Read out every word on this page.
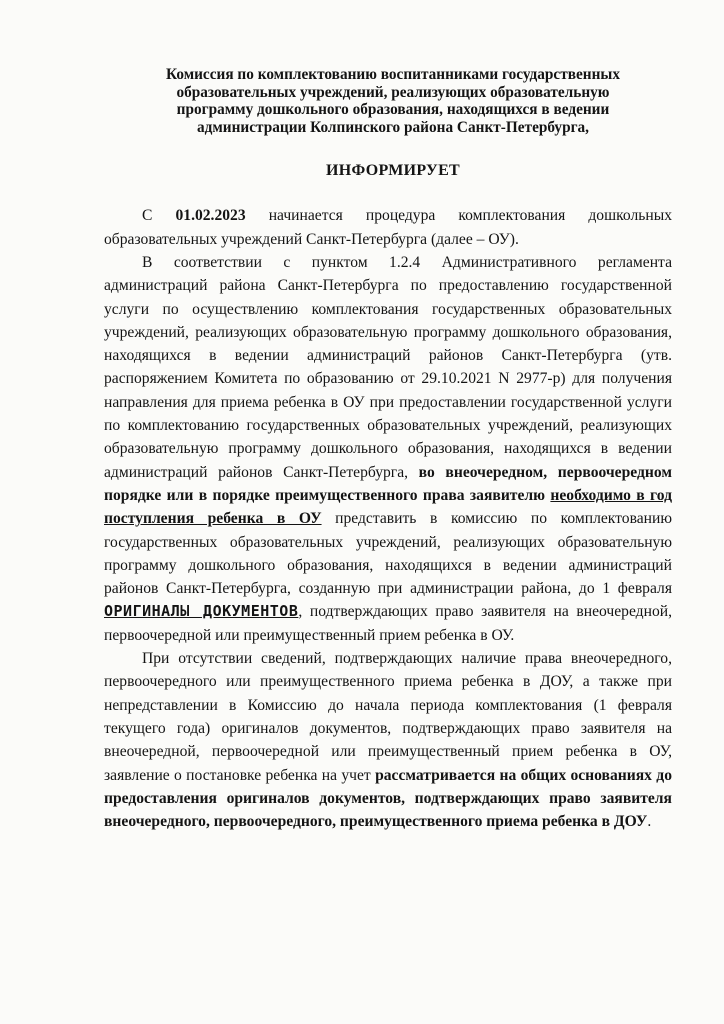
Комиссия по комплектованию воспитанниками государственных
образовательных учреждений, реализующих образовательную
программу дошкольного образования, находящихся в ведении
администрации Колпинского района Санкт-Петербурга,
ИНФОРМИРУЕТ

С 01.02.2023 начинается процедура комплектования дошкольных образовательных учреждений Санкт-Петербурга (далее – ОУ).

В соответствии с пунктом 1.2.4 Административного регламента администраций района Санкт-Петербурга по предоставлению государственной услуги по осуществлению комплектования государственных образовательных учреждений, реализующих образовательную программу дошкольного образования, находящихся в ведении администраций районов Санкт-Петербурга (утв. распоряжением Комитета по образованию от 29.10.2021 N 2977-р) для получения направления для приема ребенка в ОУ при предоставлении государственной услуги по комплектованию государственных образовательных учреждений, реализующих образовательную программу дошкольного образования, находящихся в ведении администраций районов Санкт-Петербурга, во внеочередном, первоочередном порядке или в порядке преимущественного права заявителю необходимо в год поступления ребенка в ОУ представить в комиссию по комплектованию государственных образовательных учреждений, реализующих образовательную программу дошкольного образования, находящихся в ведении администраций районов Санкт-Петербурга, созданную при администрации района, до 1 февраля ОРИГИНАЛЫ ДОКУМЕНТОВ, подтверждающих право заявителя на внеочередной, первоочередной или преимущественный прием ребенка в ОУ.

При отсутствии сведений, подтверждающих наличие права внеочередного, первоочередного или преимущественного приема ребенка в ДОУ, а также при непредставлении в Комиссию до начала периода комплектования (1 февраля текущего года) оригиналов документов, подтверждающих право заявителя на внеочередной, первоочередной или преимущественный прием ребенка в ОУ, заявление о постановке ребенка на учет рассматривается на общих основаниях до предоставления оригиналов документов, подтверждающих право заявителя внеочередного, первоочередного, преимущественного приема ребенка в ДОУ.
